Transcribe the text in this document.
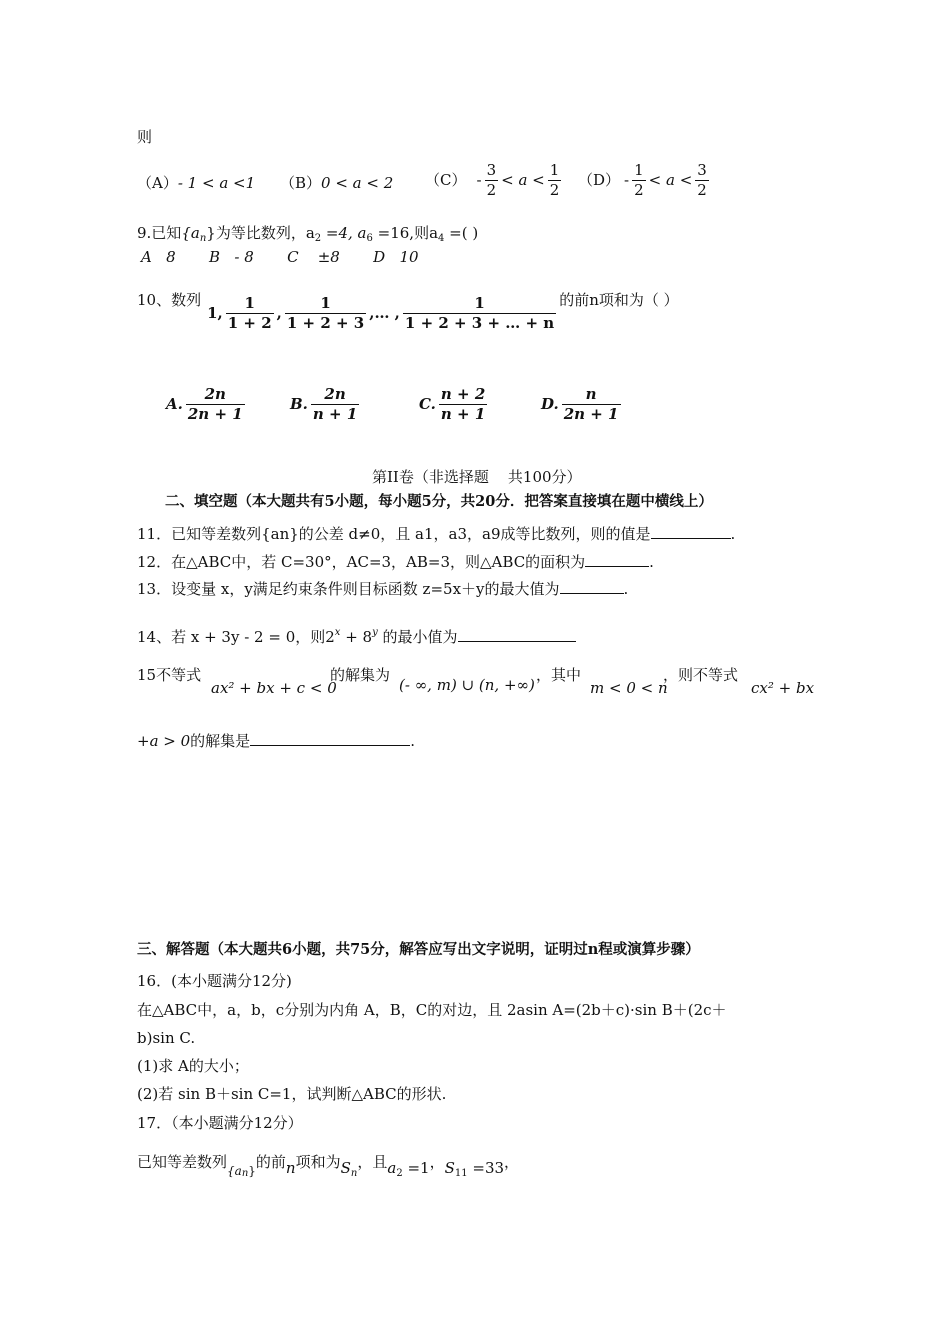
则
（A）- 1 < a <1 （B）0 < a < 2 $(C) - \frac{3}{2} < a < \frac{1}{2} (D) - \frac{1}{2} < a < \frac{3}{2}$
9.已知$\{a_n\}$为等比数列，$a_2 =4$, $a_6 =16$,则$a_4$ =( )
A   8       B   - 8       C    ±8       D   10
10、数列
1, $\frac{1}{1 + 2}$ , $\frac{1}{1 + 2 + 3}$ ,… , $\frac{1}{1 + 2 + 3 + \dots + n}$ 的前n项和为（ ）
A. $\frac{2n}{2n + 1}$	B. $\frac{2n}{n + 1}$	C. $\frac{n + 2}{n + 1}$	D. $\frac{n}{2n + 1}$
第II卷（非选择题    共100分）
二、填空题（本大题共有5小题，每小题5分，共20分．把答案直接填在题中横线上）
11．已知等差数列{an}的公差 d≠0，且 a1，a3，a9成等比数列，则的值是	.
12．在△ABC中，若 C=30°，AC=3，AB=3，则△ABC的面积为	.
13．设变量 x，y满足约束条件则目标函数 z=5x＋y的最大值为	.
14、若 x + 3y - 2 = 0，则$2^x + 8^y$ 的最小值为
15不等式
ax² + bx + c < 0
的解集为
(- ∞, m) ∪ (n, +∞)
，其中
m < 0 < n
，则不等式
cx² + bx
+a > 0的解集是	.
三、解答题（本大题共6小题，共75分，解答应写出文字说明，证明过n程或演算步骤）
16．(本小题满分12分)
在△ABC中，a，b，c分别为内角 A，B，C的对边，且 2asin A=(2b＋c)·sin B＋(2c＋
b)sin C.
(1)求 A的大小；
(2)若 sin B＋sin C=1，试判断△ABC的形状.
17．（本小题满分12分）
已知等差数列$_{\{an\}}$的前n项和为$S_n$，且$a_2 =1$，$S_{11} =33$，
